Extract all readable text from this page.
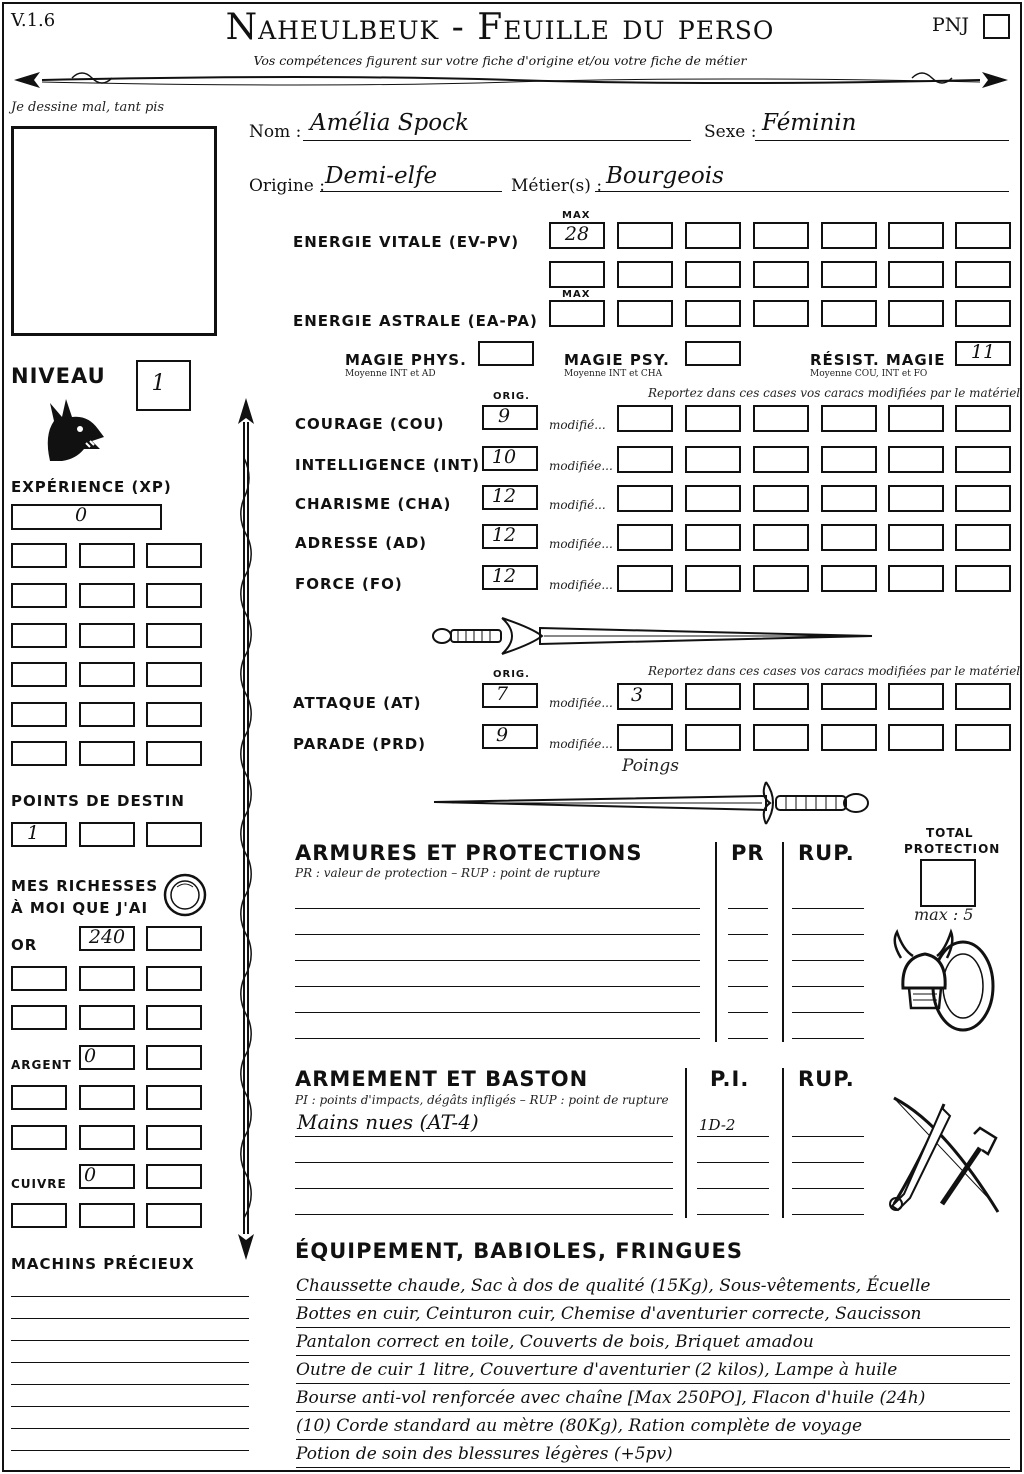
V.1.6	Naheulbeuk - Feuille du perso
Vos compétences figurent sur votre fiche d'origine et/ou votre fiche de métier
PNJ
Je dessine mal, tant pis
Nom : Amélia Spock	Sexe : Féminin
Origine : Demi-elfe	Métier(s) : Bourgeois
MAX
ENERGIE VITALE (EV-PV)	28
MAX
ENERGIE ASTRALE (EA-PA)
MAGIE PHYS.
Moyenne INT et AD
MAGIE PSY.
Moyenne INT et CHA
RÉSIST. MAGIE
Moyenne COU, INT et FO
11
ORIG.	Reportez dans ces cases vos caracs modifiées par le matériel
ORIG.	Reportez dans ces cases vos caracs modifiées par le matériel
ATTAQUE (AT)	7	modifiée... 3
PARADE (PRD)	9	modifiée...
Poings
NIVEAU	1
EXPÉRIENCE (XP)
0
POINTS DE DESTIN
1
MES RICHESSES
À MOI QUE J'AI
OR	240
ARGENT 0
CUIVRE 0
MACHINS PRÉCIEUX
ARMURES ET PROTECTIONS
PR : valeur de protection – RUP : point de rupture
PR RUP.
TOTAL
PROTECTION
max : 5
ARMEMENT ET BASTON
PI : points d'impacts, dégâts infligés – RUP : point de rupture
P.I. RUP.
ÉQUIPEMENT, BABIOLES, FRINGUES
COURAGE (COU)	9	modifié...
INTELLIGENCE (INT) 10	modifiée...
CHARISME (CHA)	12	modifié...
ADRESSE (AD)	12	modifiée...
FORCE (FO)	12	modifiée...
Mains nues (AT-4)	1D-2
Chaussette chaude, Sac à dos de qualité (15Kg), Sous-vêtements, Écuelle
Bottes en cuir, Ceinturon cuir, Chemise d'aventurier correcte, Saucisson
Pantalon correct en toile, Couverts de bois, Briquet amadou
Outre de cuir 1 litre, Couverture d'aventurier (2 kilos), Lampe à huile
Bourse anti-vol renforcée avec chaîne [Max 250PO], Flacon d'huile (24h)
(10) Corde standard au mètre (80Kg), Ration complète de voyage
Potion de soin des blessures légères (+5pv)
